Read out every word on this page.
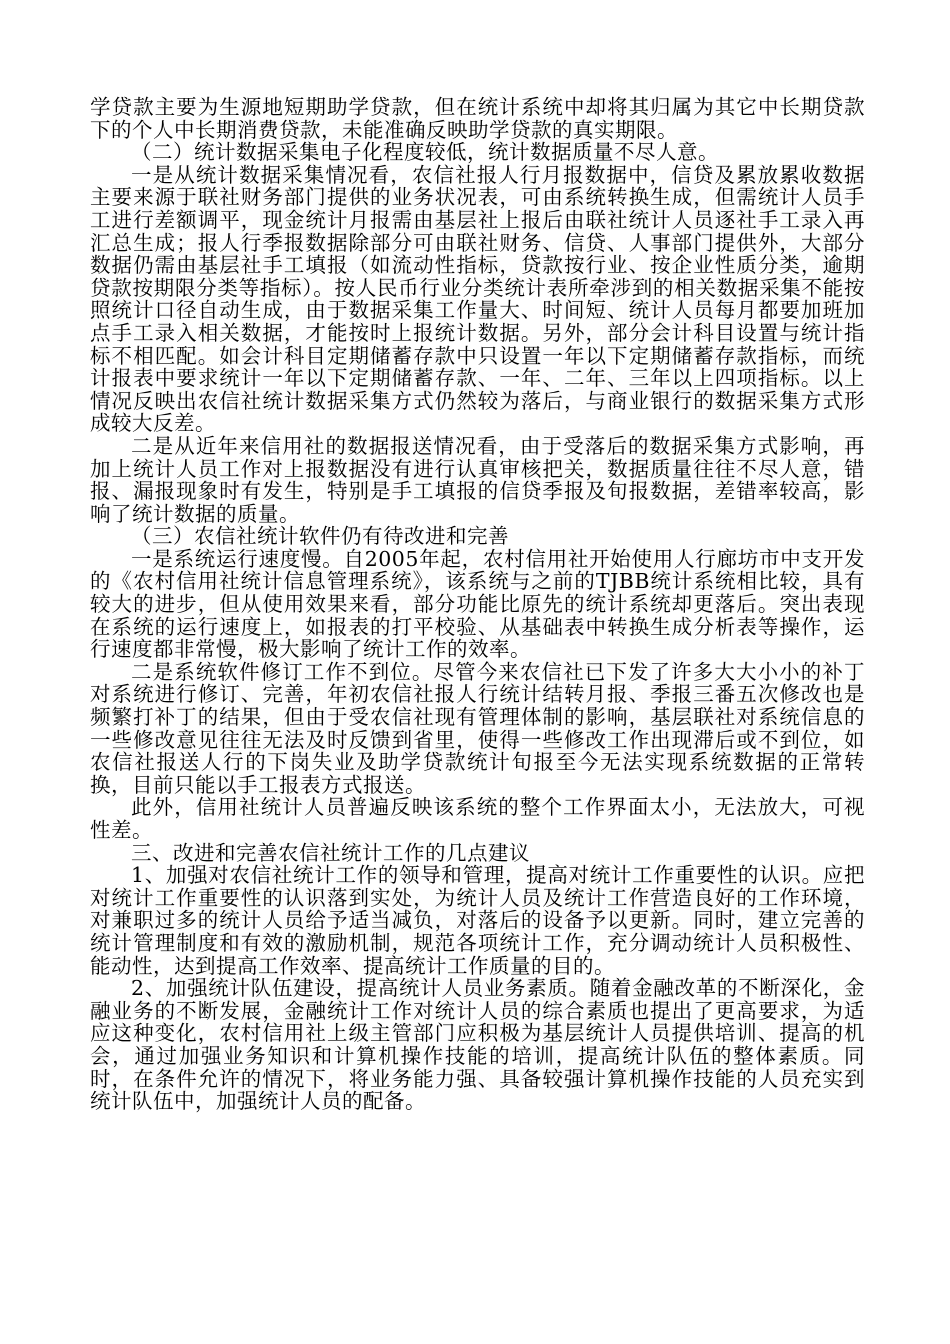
学贷款主要为生源地短期助学贷款，但在统计系统中却将其归属为其它中长期贷款下的个人中长期消费贷款，未能准确反映助学贷款的真实期限。

（二）统计数据采集电子化程度较低，统计数据质量不尽人意。

一是从统计数据采集情况看，农信社报人行月报数据中，信贷及累放累收数据主要来源于联社财务部门提供的业务状况表，可由系统转换生成，但需统计人员手工进行差额调平，现金统计月报需由基层社上报后由联社统计人员逐社手工录入再汇总生成；报人行季报数据除部分可由联社财务、信贷、人事部门提供外，大部分数据仍需由基层社手工填报（如流动性指标，贷款按行业、按企业性质分类，逾期贷款按期限分类等指标）。按人民币行业分类统计表所牵涉到的相关数据采集不能按照统计口径自动生成，由于数据采集工作量大、时间短、统计人员每月都要加班加点手工录入相关数据，才能按时上报统计数据。另外，部分会计科目设置与统计指标不相匹配。如会计科目定期储蓄存款中只设置一年以下定期储蓄存款指标，而统计报表中要求统计一年以下定期储蓄存款、一年、二年、三年以上四项指标。以上情况反映出农信社统计数据采集方式仍然较为落后，与商业银行的数据采集方式形成较大反差。

二是从近年来信用社的数据报送情况看，由于受落后的数据采集方式影响，再加上统计人员工作对上报数据没有进行认真审核把关，数据质量往往不尽人意，错报、漏报现象时有发生，特别是手工填报的信贷季报及旬报数据，差错率较高，影响了统计数据的质量。

（三）农信社统计软件仍有待改进和完善

一是系统运行速度慢。自2005年起，农村信用社开始使用人行廊坊市中支开发的《农村信用社统计信息管理系统》，该系统与之前的TJBB统计系统相比较，具有较大的进步，但从使用效果来看，部分功能比原先的统计系统却更落后。突出表现在系统的运行速度上，如报表的打平校验、从基础表中转换生成分析表等操作，运行速度都非常慢，极大影响了统计工作的效率。

二是系统软件修订工作不到位。尽管今来农信社已下发了许多大大小小的补丁对系统进行修订、完善，年初农信社报人行统计结转月报、季报三番五次修改也是频繁打补丁的结果，但由于受农信社现有管理体制的影响，基层联社对系统信息的一些修改意见往往无法及时反馈到省里，使得一些修改工作出现滞后或不到位，如农信社报送人行的下岗失业及助学贷款统计旬报至今无法实现系统数据的正常转换，目前只能以手工报表方式报送。

此外，信用社统计人员普遍反映该系统的整个工作界面太小，无法放大，可视性差。

三、改进和完善农信社统计工作的几点建议

1、加强对农信社统计工作的领导和管理，提高对统计工作重要性的认识。应把对统计工作重要性的认识落到实处，为统计人员及统计工作营造良好的工作环境，对兼职过多的统计人员给予适当减负，对落后的设备予以更新。同时，建立完善的统计管理制度和有效的激励机制，规范各项统计工作，充分调动统计人员积极性、能动性，达到提高工作效率、提高统计工作质量的目的。

2、加强统计队伍建设，提高统计人员业务素质。随着金融改革的不断深化，金融业务的不断发展，金融统计工作对统计人员的综合素质也提出了更高要求，为适应这种变化，农村信用社上级主管部门应积极为基层统计人员提供培训、提高的机会，通过加强业务知识和计算机操作技能的培训，提高统计队伍的整体素质。同时，在条件允许的情况下，将业务能力强、具备较强计算机操作技能的人员充实到统计队伍中，加强统计人员的配备。
